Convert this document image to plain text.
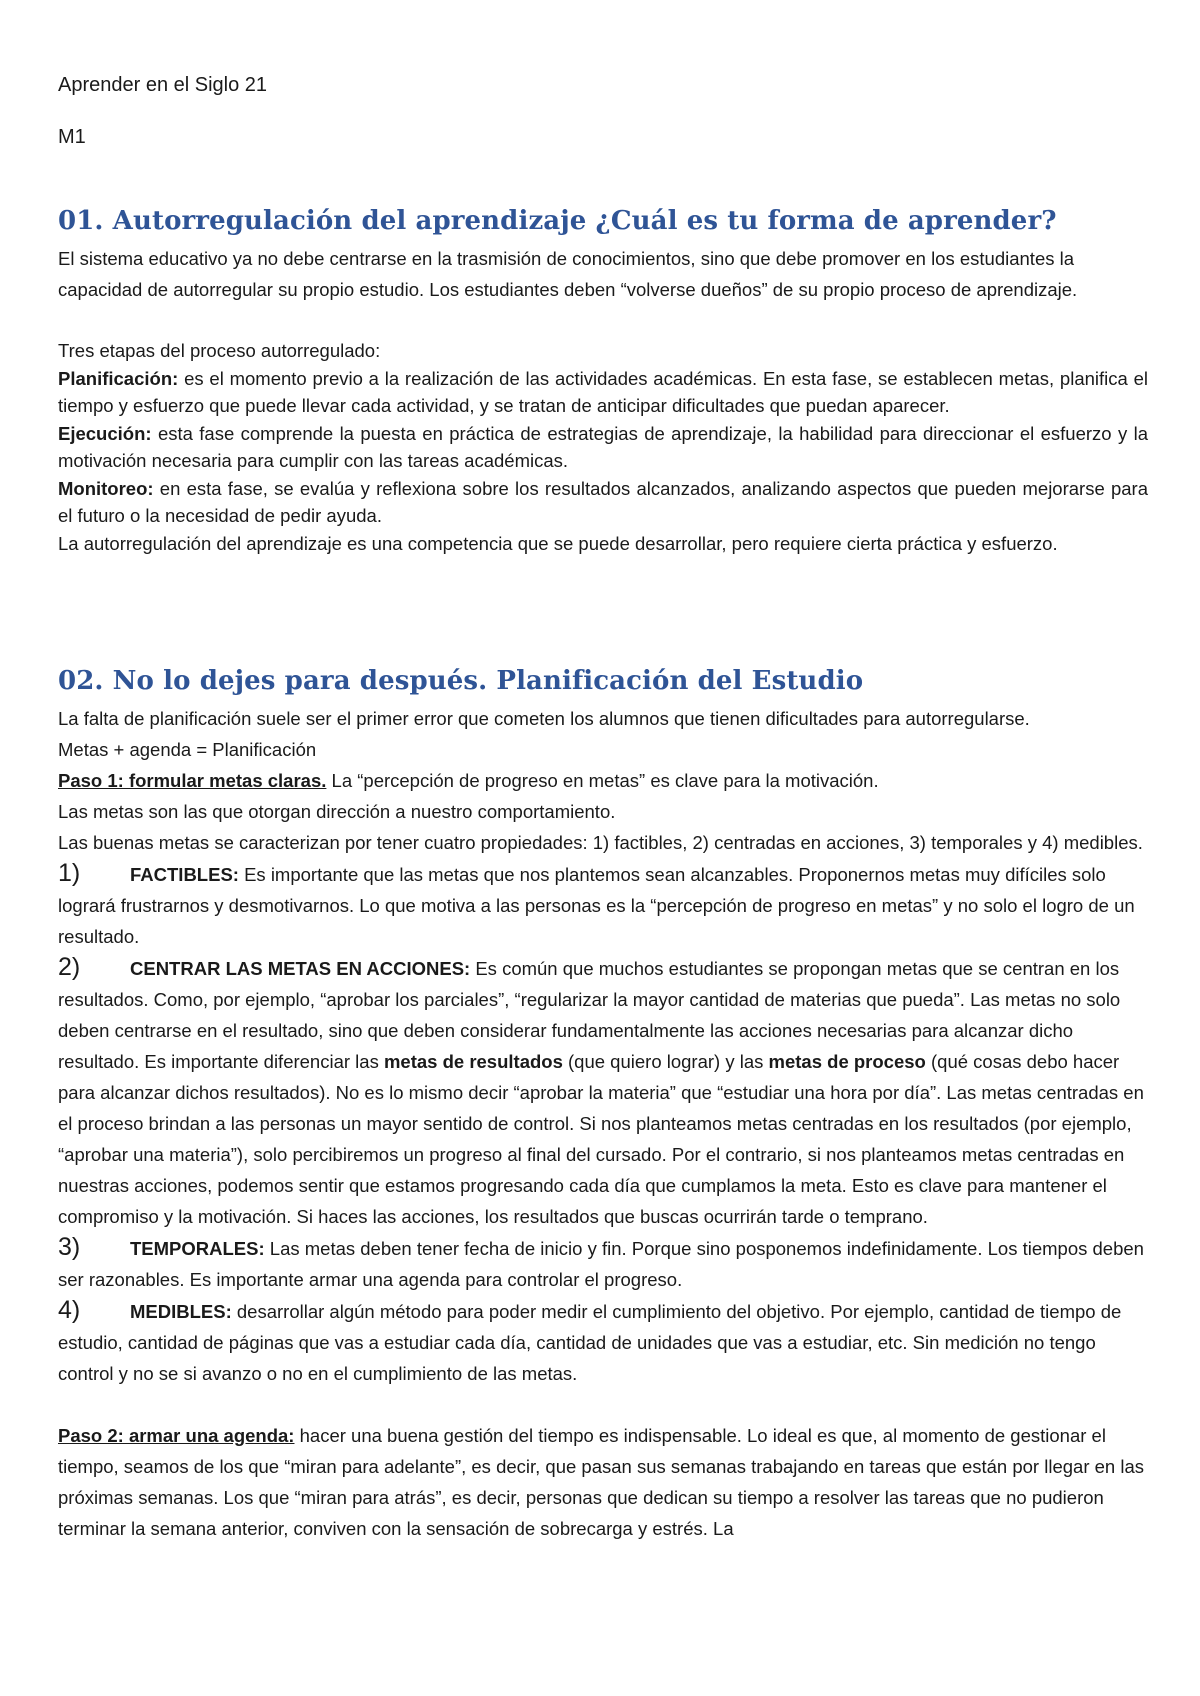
Aprender en el Siglo 21
M1
01. Autorregulación del aprendizaje ¿Cuál es tu forma de aprender?
El sistema educativo ya no debe centrarse en la trasmisión de conocimientos, sino que debe promover en los estudiantes la capacidad de autorregular su propio estudio. Los estudiantes deben “volverse dueños” de su propio proceso de aprendizaje.

Tres etapas del proceso autorregulado:

Planificación: es el momento previo a la realización de las actividades académicas. En esta fase, se establecen metas, planifica el tiempo y esfuerzo que puede llevar cada actividad, y se tratan de anticipar dificultades que puedan aparecer.

Ejecución: esta fase comprende la puesta en práctica de estrategias de aprendizaje, la habilidad para direccionar el esfuerzo y la motivación necesaria para cumplir con las tareas académicas.

Monitoreo: en esta fase, se evalúa y reflexiona sobre los resultados alcanzados, analizando aspectos que pueden mejorarse para el futuro o la necesidad de pedir ayuda.

La autorregulación del aprendizaje es una competencia que se puede desarrollar, pero requiere cierta práctica y esfuerzo.

02. No lo dejes para después. Planificación del Estudio

La falta de planificación suele ser el primer error que cometen los alumnos que tienen dificultades para autorregularse.

Metas + agenda = Planificación

Paso 1: formular metas claras. La “percepción de progreso en metas” es clave para la motivación.

Las metas son las que otorgan dirección a nuestro comportamiento.

Las buenas metas se caracterizan por tener cuatro propiedades: 1) factibles, 2) centradas en acciones, 3) temporales y 4) medibles.

1)	FACTIBLES: Es importante que las metas que nos plantemos sean alcanzables. Proponernos metas muy difíciles solo logrará frustrarnos y desmotivarnos. Lo que motiva a las personas es la “percepción de progreso en metas” y no solo el logro de un resultado.

2)	CENTRAR LAS METAS EN ACCIONES: Es común que muchos estudiantes se propongan metas que se centran en los resultados. Como, por ejemplo, “aprobar los parciales”, “regularizar la mayor cantidad de materias que pueda”. Las metas no solo deben centrarse en el resultado, sino que deben considerar fundamentalmente las acciones necesarias para alcanzar dicho resultado. Es importante diferenciar las metas de resultados (que quiero lograr) y las metas de proceso (qué cosas debo hacer para alcanzar dichos resultados). No es lo mismo decir “aprobar la materia” que “estudiar una hora por día”. Las metas centradas en el proceso brindan a las personas un mayor sentido de control. Si nos planteamos metas centradas en los resultados (por ejemplo, “aprobar una materia”), solo percibiremos un progreso al final del cursado. Por el contrario, si nos planteamos metas centradas en nuestras acciones, podemos sentir que estamos progresando cada día que cumplamos la meta. Esto es clave para mantener el compromiso y la motivación. Si haces las acciones, los resultados que buscas ocurrirán tarde o temprano.

3)	TEMPORALES: Las metas deben tener fecha de inicio y fin. Porque sino posponemos indefinidamente. Los tiempos deben ser razonables. Es importante armar una agenda para controlar el progreso.

4)	MEDIBLES: desarrollar algún método para poder medir el cumplimiento del objetivo. Por ejemplo, cantidad de tiempo de estudio, cantidad de páginas que vas a estudiar cada día, cantidad de unidades que vas a estudiar, etc. Sin medición no tengo control y no se si avanzo o no en el cumplimiento de las metas.

Paso 2: armar una agenda: hacer una buena gestión del tiempo es indispensable. Lo ideal es que, al momento de gestionar el tiempo, seamos de los que “miran para adelante”, es decir, que pasan sus semanas trabajando en tareas que están por llegar en las próximas semanas. Los que “miran para atrás”, es decir, personas que dedican su tiempo a resolver las tareas que no pudieron terminar la semana anterior, conviven con la sensación de sobrecarga y estrés. La
